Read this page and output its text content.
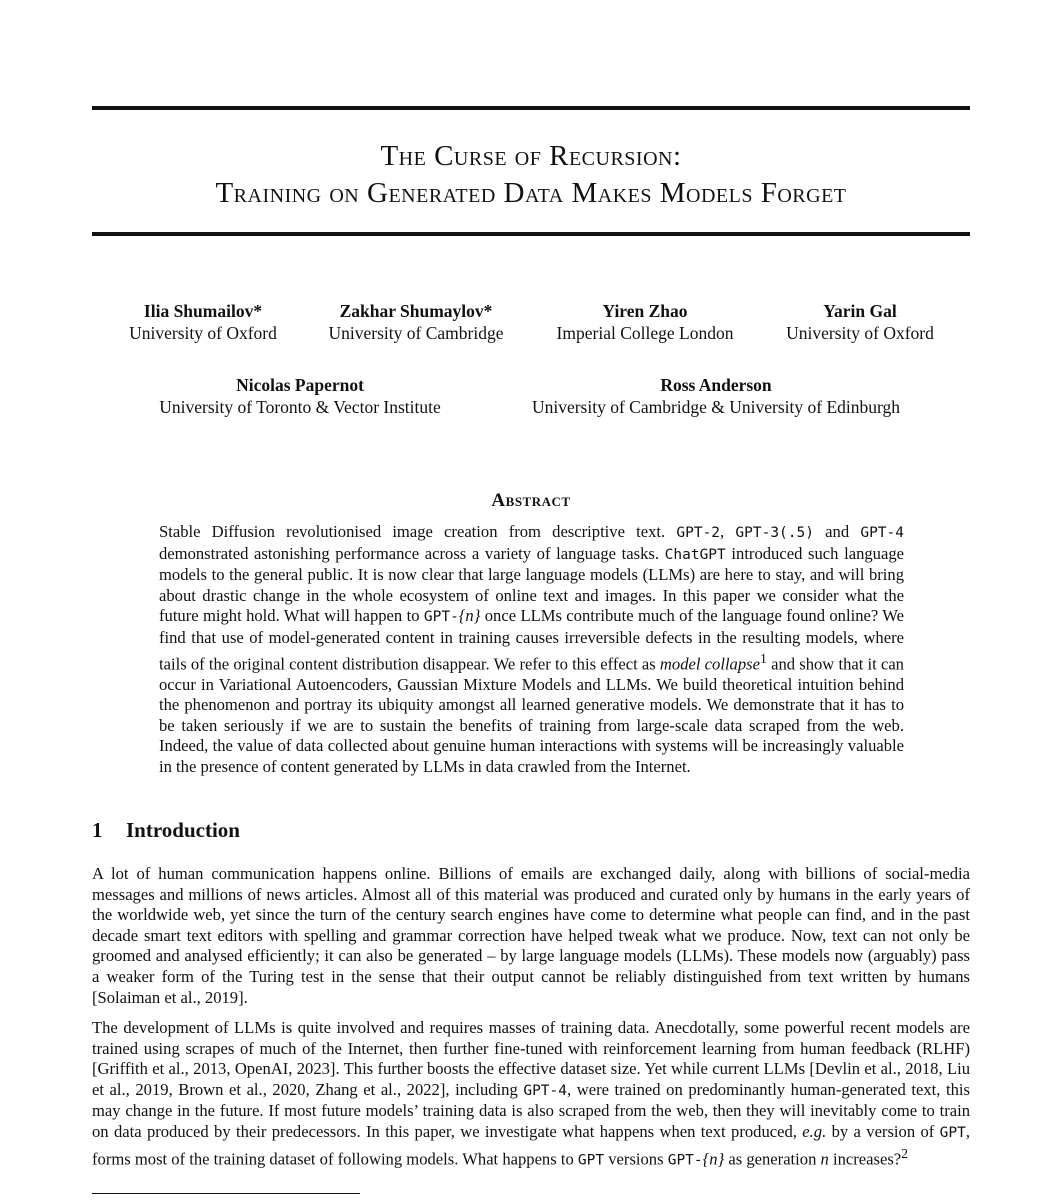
The Curse of Recursion:
Training on Generated Data Makes Models Forget
Ilia Shumailov*
University of Oxford
Zakhar Shumaylov*
University of Cambridge
Yiren Zhao
Imperial College London
Yarin Gal
University of Oxford
Nicolas Papernot
University of Toronto & Vector Institute
Ross Anderson
University of Cambridge & University of Edinburgh
Abstract
Stable Diffusion revolutionised image creation from descriptive text. GPT-2, GPT-3(.5) and GPT-4 demonstrated astonishing performance across a variety of language tasks. ChatGPT introduced such language models to the general public. It is now clear that large language models (LLMs) are here to stay, and will bring about drastic change in the whole ecosystem of online text and images. In this paper we consider what the future might hold. What will happen to GPT-{n} once LLMs contribute much of the language found online? We find that use of model-generated content in training causes irreversible defects in the resulting models, where tails of the original content distribution disappear. We refer to this effect as model collapse$^1$ and show that it can occur in Variational Autoencoders, Gaussian Mixture Models and LLMs. We build theoretical intuition behind the phenomenon and portray its ubiquity amongst all learned generative models. We demonstrate that it has to be taken seriously if we are to sustain the benefits of training from large-scale data scraped from the web. Indeed, the value of data collected about genuine human interactions with systems will be increasingly valuable in the presence of content generated by LLMs in data crawled from the Internet.
1 Introduction
A lot of human communication happens online. Billions of emails are exchanged daily, along with billions of social-media messages and millions of news articles. Almost all of this material was produced and curated only by humans in the early years of the worldwide web, yet since the turn of the century search engines have come to determine what people can find, and in the past decade smart text editors with spelling and grammar correction have helped tweak what we produce. Now, text can not only be groomed and analysed efficiently; it can also be generated – by large language models (LLMs). These models now (arguably) pass a weaker form of the Turing test in the sense that their output cannot be reliably distinguished from text written by humans [Solaiman et al., 2019].
The development of LLMs is quite involved and requires masses of training data. Anecdotally, some powerful recent models are trained using scrapes of much of the Internet, then further fine-tuned with reinforcement learning from human feedback (RLHF) [Griffith et al., 2013, OpenAI, 2023]. This further boosts the effective dataset size. Yet while current LLMs [Devlin et al., 2018, Liu et al., 2019, Brown et al., 2020, Zhang et al., 2022], including GPT-4, were trained on predominantly human-generated text, this may change in the future. If most future models’ training data is also scraped from the web, then they will inevitably come to train on data produced by their predecessors. In this paper, we investigate what happens when text produced, e.g. by a version of GPT, forms most of the training dataset of following models. What happens to GPT versions GPT-{n} as generation n increases?$^2$
